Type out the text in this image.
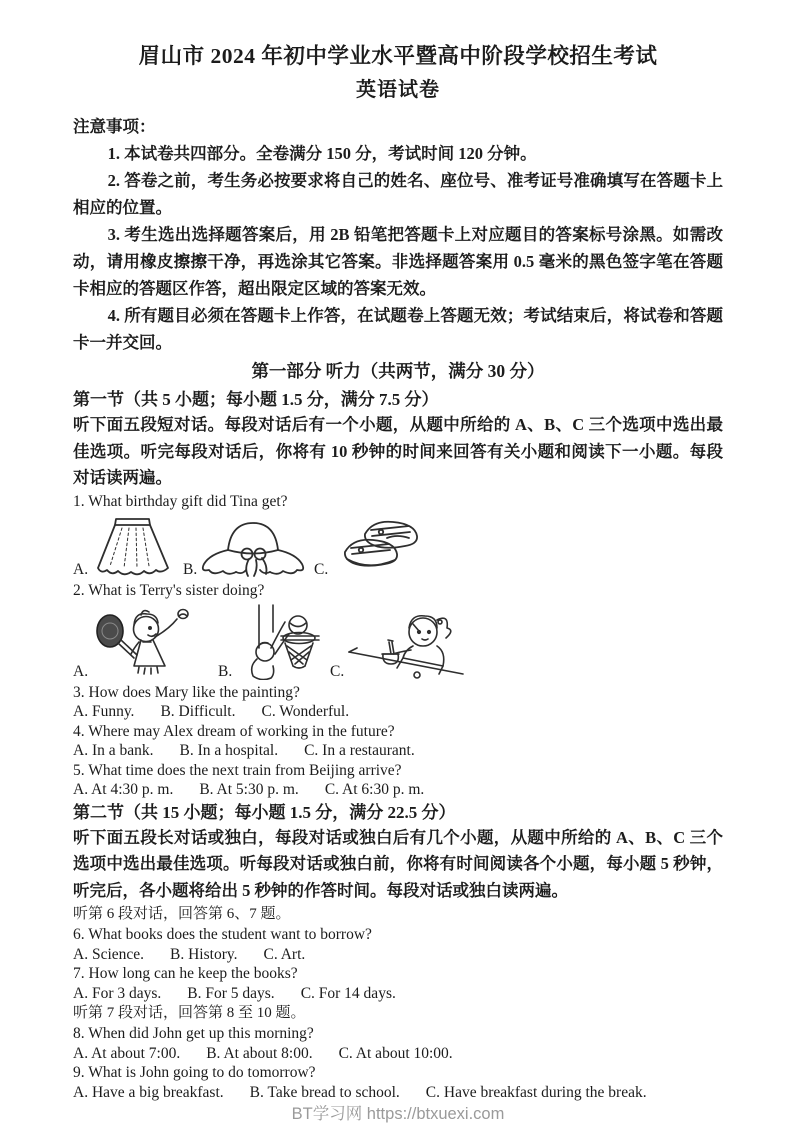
眉山市 2024 年初中学业水平暨高中阶段学校招生考试
英语试卷

注意事项：

1. 本试卷共四部分。全卷满分 150 分，考试时间 120 分钟。

2. 答卷之前，考生务必按要求将自己的姓名、座位号、准考证号准确填写在答题卡上相应的位置。

3. 考生选出选择题答案后，用 2B 铅笔把答题卡上对应题目的答案标号涂黑。如需改动，请用橡皮擦擦干净，再选涂其它答案。非选择题答案用 0.5 毫米的黑色签字笔在答题卡相应的答题区作答，超出限定区域的答案无效。

4. 所有题目必须在答题卡上作答，在试题卷上答题无效；考试结束后，将试卷和答题卡一并交回。

第一部分 听力（共两节，满分 30 分）

第一节（共 5 小题；每小题 1.5 分，满分 7.5 分）

听下面五段短对话。每段对话后有一个小题，从题中所给的 A、B、C 三个选项中选出最佳选项。听完每段对话后，你将有 10 秒钟的时间来回答有关小题和阅读下一小题。每段对话读两遍。

1. What birthday gift did Tina get?

A.	B.	C.

2. What is Terry's sister doing?

A.	B.	C.

3. How does Mary like the painting?

A. Funny. B. Difficult. C. Wonderful.

4. Where may Alex dream of working in the future?

A. In a bank. B. In a hospital. C. In a restaurant.

5. What time does the next train from Beijing arrive?

A. At 4:30 p. m. B. At 5:30 p. m. C. At 6:30 p. m.

第二节（共 15 小题；每小题 1.5 分，满分 22.5 分）

听下面五段长对话或独白，每段对话或独白后有几个小题，从题中所给的 A、B、C 三个选项中选出最佳选项。听每段对话或独白前，你将有时间阅读各个小题，每小题 5 秒钟，听完后，各小题将给出 5 秒钟的作答时间。每段对话或独白读两遍。

听第 6 段对话，回答第 6、7 题。

6. What books does the student want to borrow?

A. Science. B. History. C. Art.

7. How long can he keep the books?

A. For 3 days. B. For 5 days. C. For 14 days.

听第 7 段对话，回答第 8 至 10 题。

8. When did John get up this morning?

A. At about 7:00. B. At about 8:00. C. At about 10:00.

9. What is John going to do tomorrow?

A. Have a big breakfast. B. Take bread to school. C. Have breakfast during the break.

BT学习网 https://btxuexi.com
